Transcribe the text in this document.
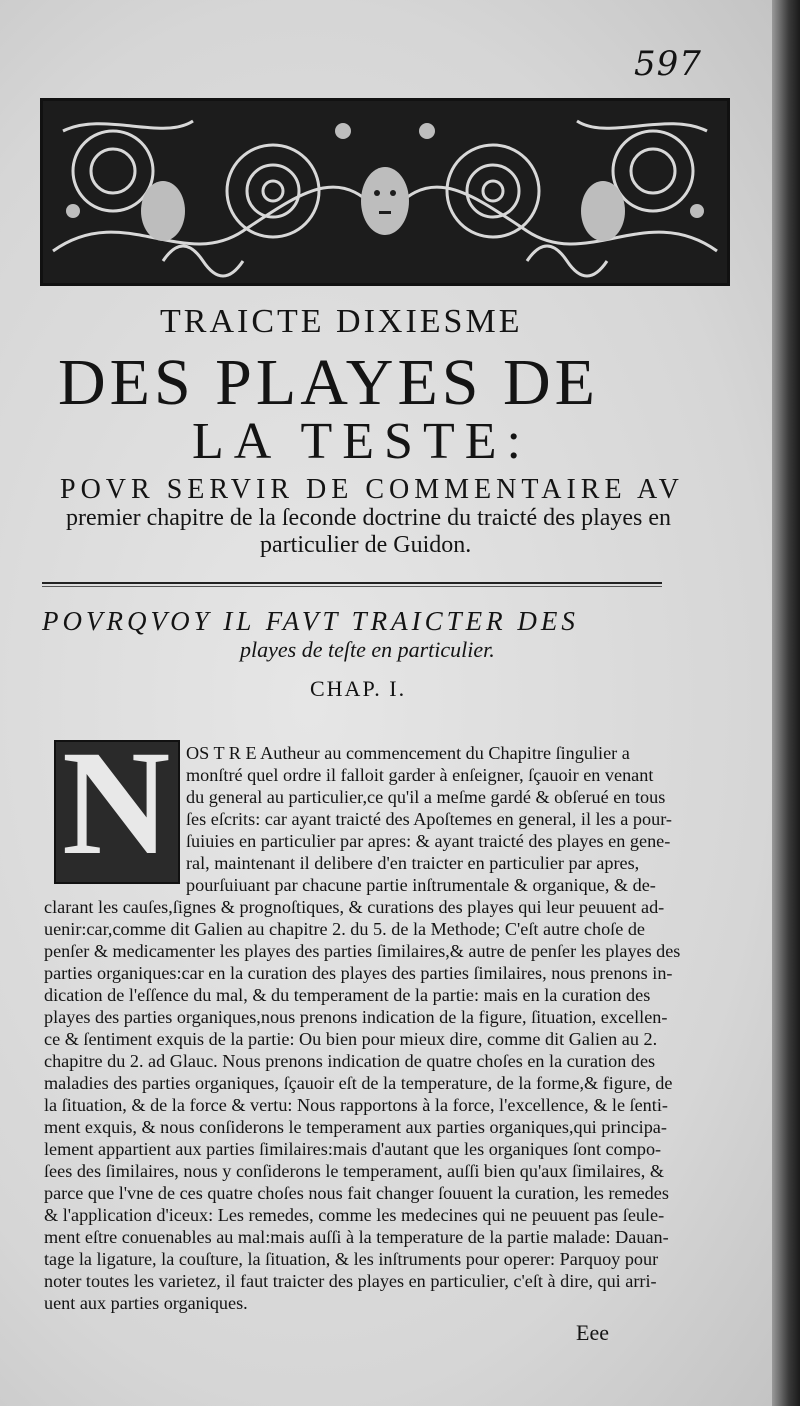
597
TRAICTE DIXIESME
DES PLAYES DE
LA TESTE:
POVR SERVIR DE COMMENTAIRE AV
premier chapitre de la ſeconde doctrine du traicté des playes en
particulier de Guidon.
POVRQVOY IL FAVT TRAICTER DES
playes de teſte en particulier.
CHAP. I.
N OS T R E Autheur au commencement du Chapitre ſingulier a
monſtré quel ordre il falloit garder à enſeigner, ſçauoir en venant
du general au particulier,ce qu'il a meſme gardé & obſerué en tous
ſes eſcrits: car ayant traicté des Apoſtemes en general, il les a pour-
ſuiuies en particulier par apres: & ayant traicté des playes en gene-
ral, maintenant il delibere d'en traicter en particulier par apres,
pourſuiuant par chacune partie inſtrumentale & organique, & de-
clarant les cauſes,ſignes & prognoſtiques, & curations des playes qui leur peuuent ad-
uenir:car,comme dit Galien au chapitre 2. du 5. de la Methode; C'eſt autre choſe de
penſer & medicamenter les playes des parties ſimilaires,& autre de penſer les playes des
parties organiques:car en la curation des playes des parties ſimilaires, nous prenons in-
dication de l'eſſence du mal, & du temperament de la partie: mais en la curation des
playes des parties organiques,nous prenons indication de la figure, ſituation, excellen-
ce & ſentiment exquis de la partie: Ou bien pour mieux dire, comme dit Galien au 2.
chapitre du 2. ad Glauc. Nous prenons indication de quatre choſes en la curation des
maladies des parties organiques, ſçauoir eſt de la temperature, de la forme,& figure, de
la ſituation, & de la force & vertu: Nous rapportons à la force, l'excellence, & le ſenti-
ment exquis, & nous conſiderons le temperament aux parties organiques,qui principa-
lement appartient aux parties ſimilaires:mais d'autant que les organiques ſont compo-
ſees des ſimilaires, nous y conſiderons le temperament, auſſi bien qu'aux ſimilaires, &
parce que l'vne de ces quatre choſes nous fait changer ſouuent la curation, les remedes
& l'application d'iceux: Les remedes, comme les medecines qui ne peuuent pas ſeule-
ment eſtre conuenables au mal:mais auſſi à la temperature de la partie malade: Dauan-
tage la ligature, la couſture, la ſituation, & les inſtruments pour operer: Parquoy pour
noter toutes les varietez, il faut traicter des playes en particulier, c'eſt à dire, qui arri-
uent aux parties organiques.
Eee
